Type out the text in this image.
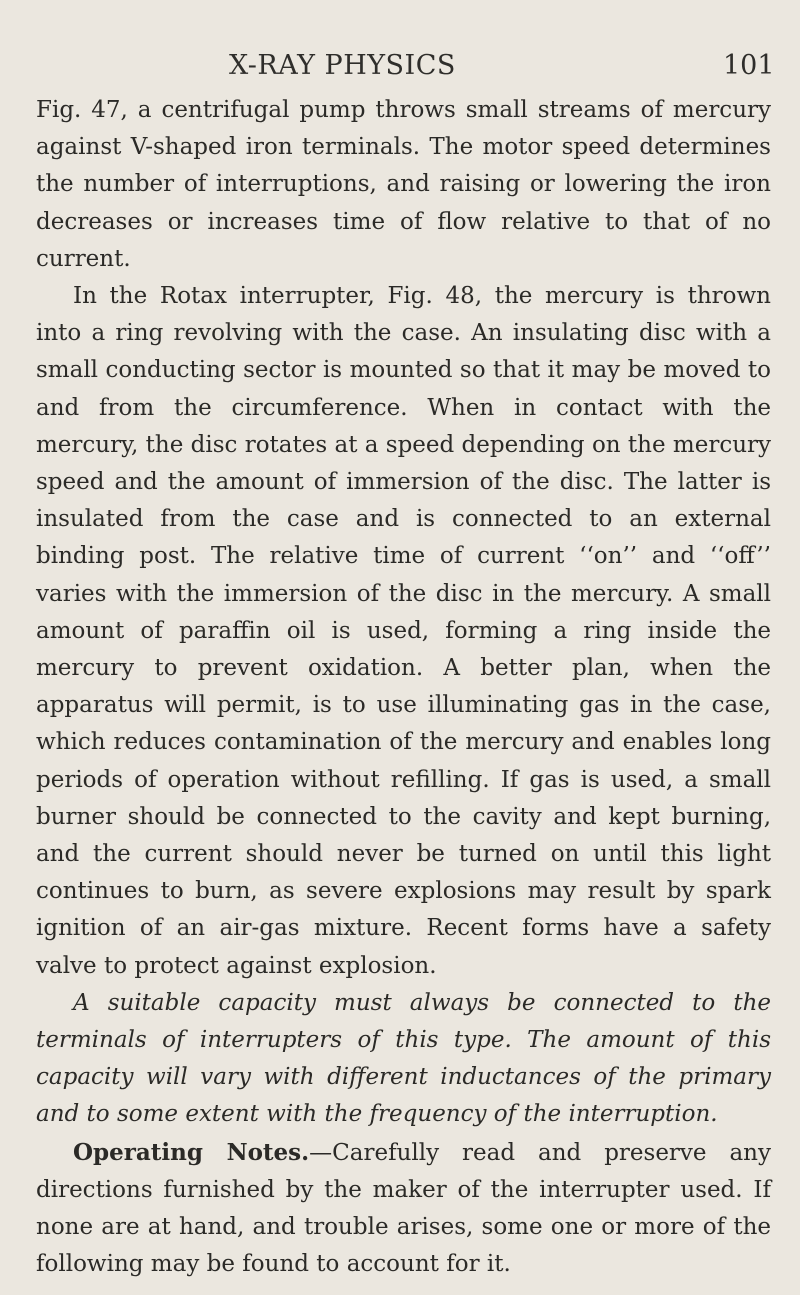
X-RAY PHYSICS	101

Fig. 47, a centrifugal pump throws small streams of mercury against V-shaped iron terminals. The motor speed determines the number of interruptions, and raising or lowering the iron decreases or increases time of flow relative to that of no current.

In the Rotax interrupter, Fig. 48, the mercury is thrown into a ring revolving with the case. An insulating disc with a small conducting sector is mounted so that it may be moved to and from the circumference. When in contact with the mercury, the disc rotates at a speed depending on the mercury speed and the amount of immersion of the disc. The latter is insulated from the case and is connected to an external binding post. The relative time of current ‘‘on’’ and ‘‘off’’ varies with the immersion of the disc in the mercury. A small amount of paraffin oil is used, forming a ring inside the mercury to prevent oxidation. A better plan, when the apparatus will permit, is to use illuminating gas in the case, which reduces contamination of the mercury and enables long periods of operation without refilling. If gas is used, a small burner should be connected to the cavity and kept burning, and the current should never be turned on until this light continues to burn, as severe explosions may result by spark ignition of an air-gas mixture. Recent forms have a safety valve to protect against explosion.

A suitable capacity must always be connected to the terminals of interrupters of this type. The amount of this capacity will vary with different inductances of the primary and to some extent with the frequency of the interruption.

Operating Notes.—Carefully read and preserve any directions furnished by the maker of the interrupter used. If none are at hand, and trouble arises, some one or more of the following may be found to account for it.
